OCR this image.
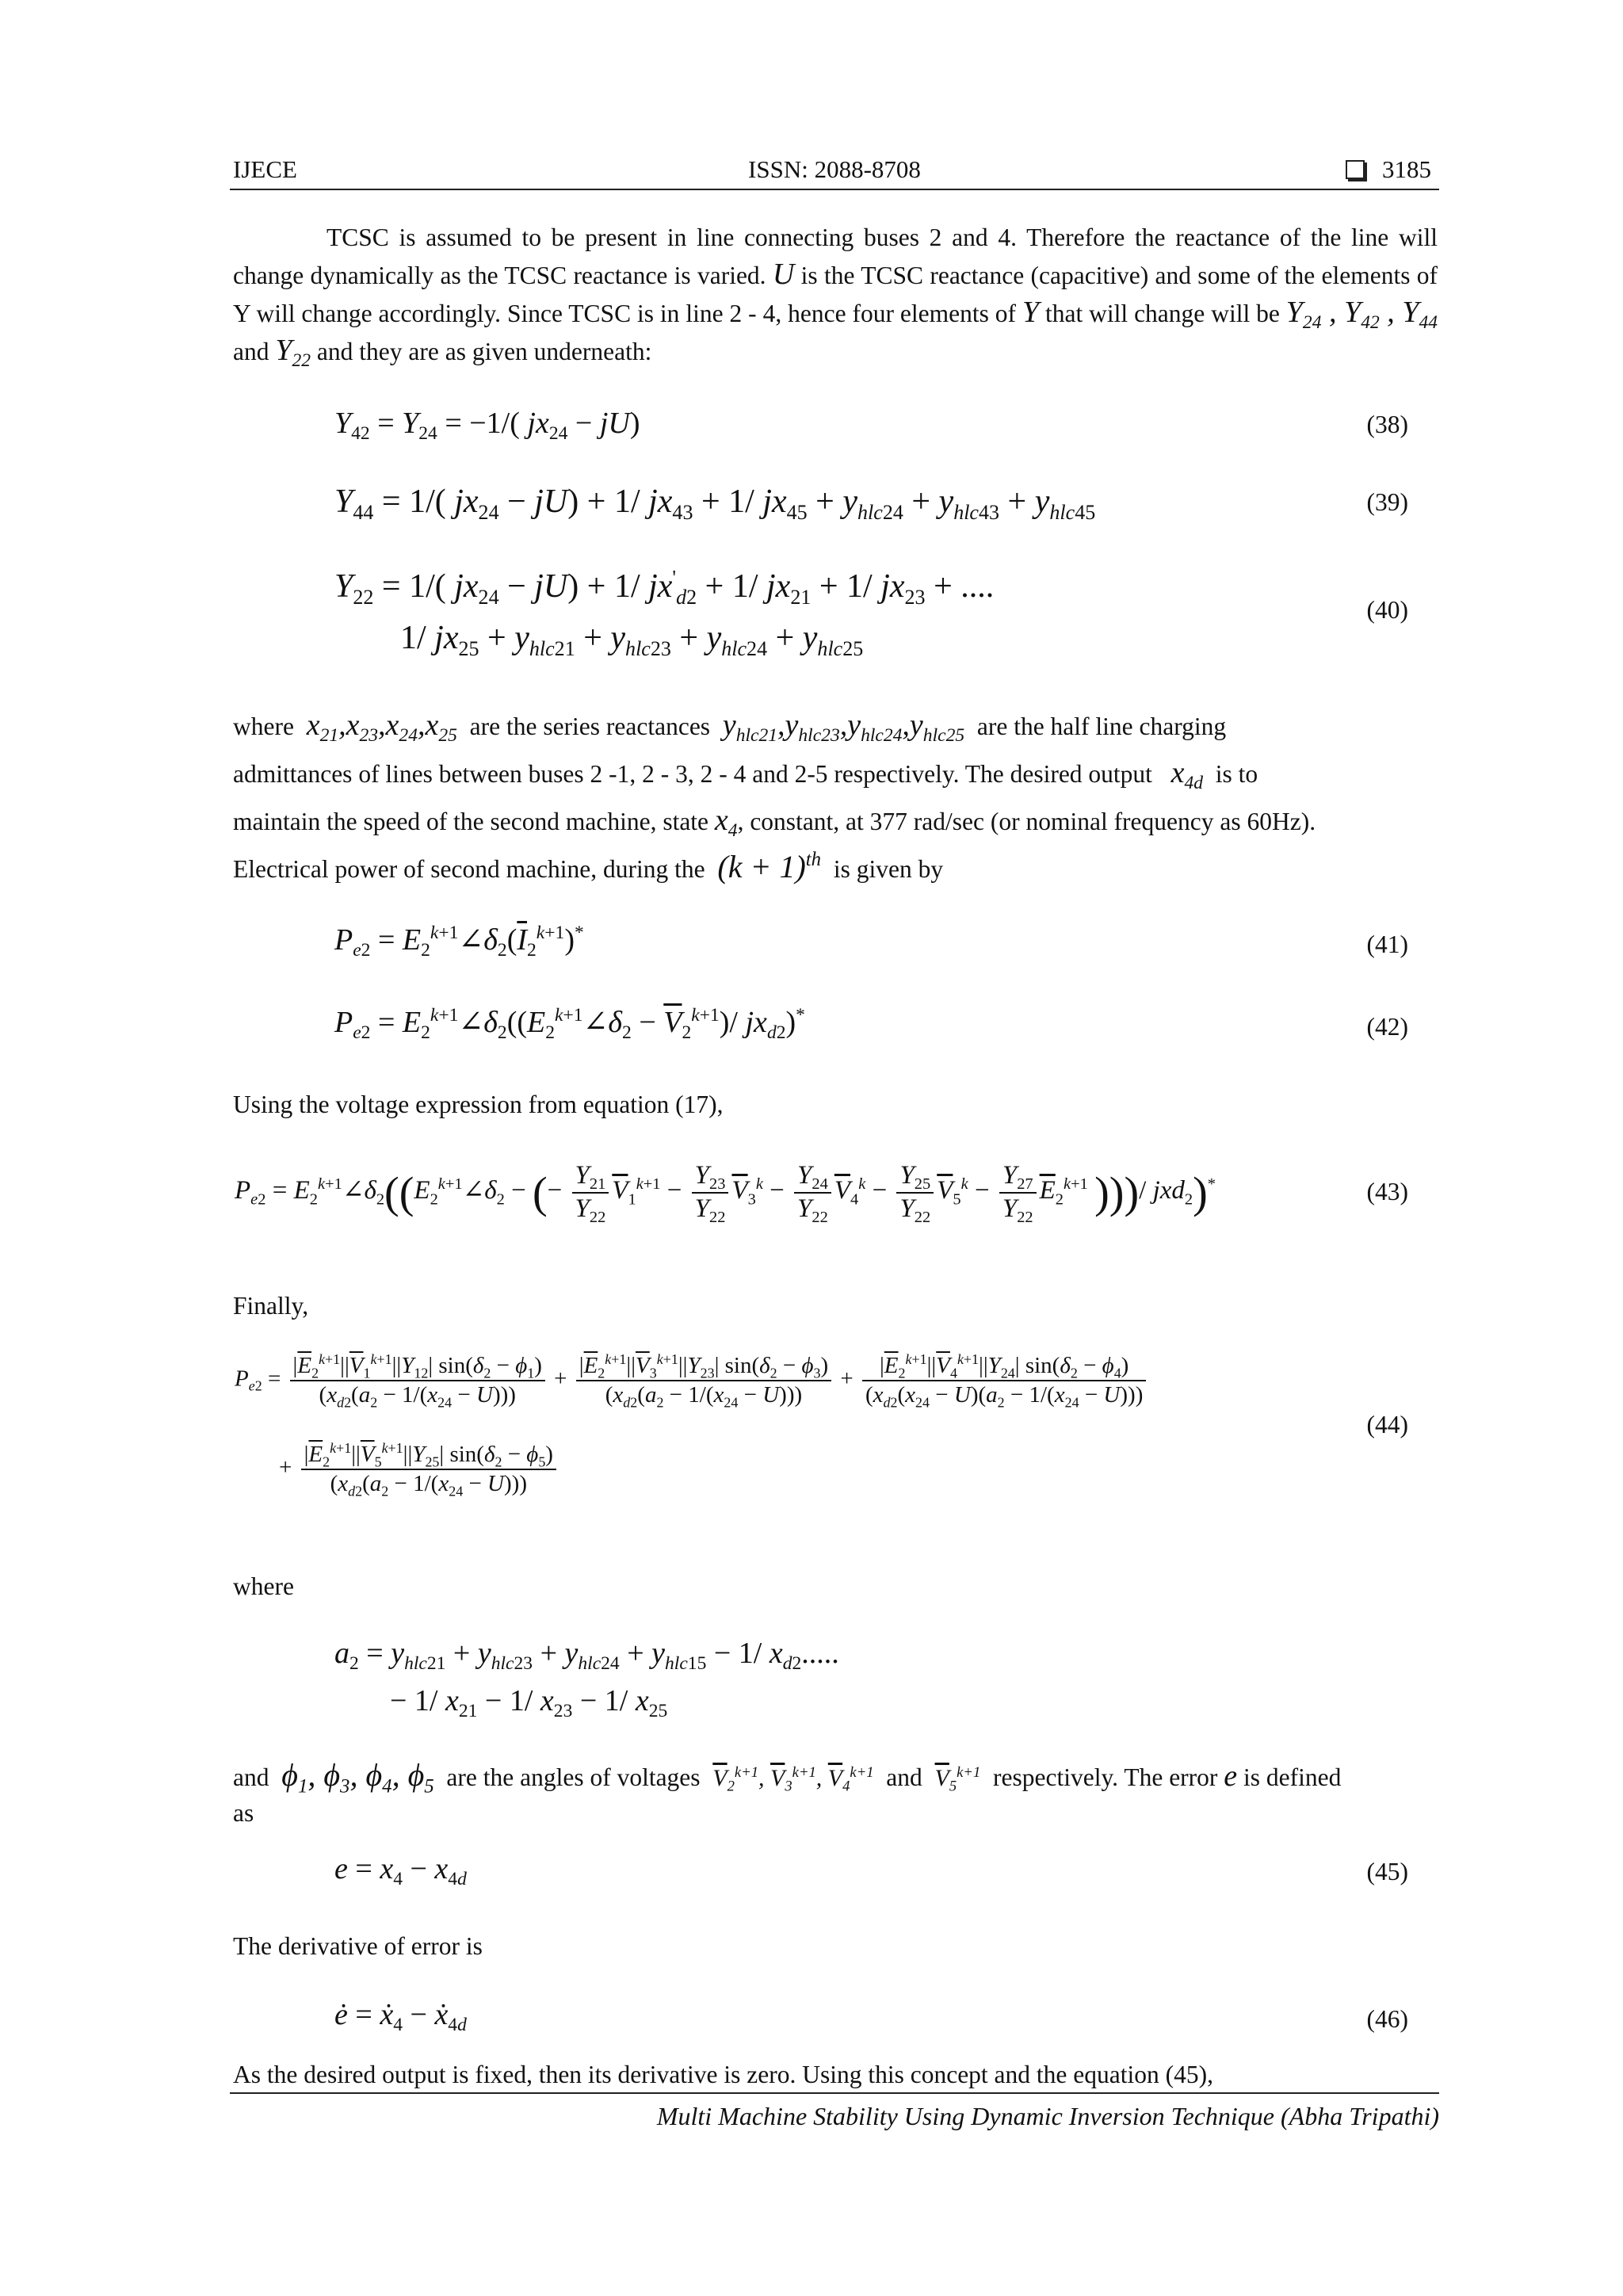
IJECE	ISSN: 2088-8708	3185
TCSC is assumed to be present in line connecting buses 2 and 4. Therefore the reactance of the line will change dynamically as the TCSC reactance is varied. U is the TCSC reactance (capacitive) and some of the elements of Y will change accordingly. Since TCSC is in line 2 - 4, hence four elements of Y that will change will be $Y_{24}$ , $Y_{42}$ , $Y_{44}$ and $Y_{22}$ and they are as given underneath:
$Y_{42} = Y_{24} = -1/$( $jx_{24} - jU$)	(38)
$Y_{44} = 1/$( $jx_{24} - jU) + 1/$ $jx_{43} + 1/$ $jx_{45} + y_{hlc24} + y_{hlc43} + y_{hlc45}$	(39)
$Y_{22} = 1/$( $jx_{24} - jU) + 1/$ $jx'_{d2} + 1/$ $jx_{21} + 1/$ $jx_{23}$ + ....
1/ $jx_{25} + y_{hlc21} + y_{hlc23} + y_{hlc24} + y_{hlc25}$
(40)
where $x_{21},x_{23},x_{24},x_{25}$ are the series reactances $y_{hlc21},y_{hlc23},y_{hlc24},y_{hlc25}$ are the half line charging
admittances of lines between buses 2 -1, 2 - 3, 2 - 4 and 2-5 respectively. The desired output $x_{4d}$ is to
maintain the speed of the second machine, state $x_4$, constant, at 377 rad/sec (or nominal frequency as 60Hz).
Electrical power of second machine, during the $(k + 1)^{th}$ is given by
$P_{e2}$ = $E_2^{k+1}\angle\delta_2(\overline{I}_2^{k+1})^*$	(41)
$P_{e2}$ = $E_2^{k+1}\angle\delta_2((E_2^{k+1}\angle\delta_2 - \overline{V}_2^{k+1})/$ $jx_{d2})^*$	(42)
Using the voltage expression from equation (17),
$P_{e2}$ = $E_2^{k+1}\angle\delta_2((E_2^{k+1}\angle\delta_2$ − (− $\frac{Y_{21}}{Y_{22}} \overline{V}_1^{k+1} - \frac{Y_{23}}{Y_{22}} \overline{V}_3^k - \frac{Y_{24}}{Y_{22}} \overline{V}_4^k - \frac{Y_{25}}{Y_{22}} \overline{V}_5^k - \frac{Y_{27}}{Y_{22}} \overline{E}_2^{k+1}$ )))/ jxd$_2$)*	(43)
Finally,
$P_{e2} = \frac{|\overline{E}_2^{k+1}||\overline{V}_1^{k+1}||Y_{12}| \sin(\delta_2 - \phi_1)}{(x_{d2}(a_2 - 1/(x_{24} - U)))} + \frac{|\overline{E}_2^{k+1}||\overline{V}_3^{k+1}||Y_{23}| \sin(\delta_2 - \phi_3)}{(x_{d2}(a_2 - 1/(x_{24} - U)))} + \frac{|\overline{E}_2^{k+1}||\overline{V}_4^{k+1}||Y_{24}| \sin(\delta_2 - \phi_4)}{(x_{d2}(x_{24} - U)(a_2 - 1/(x_{24} - U)))}$
+ $\frac{|\overline{E}_2^{k+1}||\overline{V}_5^{k+1}||Y_{25}| \sin(\delta_2 - \phi_5)}{(x_{d2}(a_2 - 1/(x_{24} - U)))}$
(44)
where
$a_2 = y_{hlc21} + y_{hlc23} + y_{hlc24} + y_{hlc15} - 1/$ $x_{d2}$.....
− 1/ $x_{21} - 1/$ $x_{23} - 1/$ $x_{25}$
and $\phi_1$, $\phi_3$, $\phi_4$, $\phi_5$ are the angles of voltages $\overline{V}_2^{k+1}$, $\overline{V}_3^{k+1}$, $\overline{V}_4^{k+1}$ and $\overline{V}_5^{k+1}$ respectively. The error e is defined
as
$e = x_4 - x_{4d}$	(45)
The derivative of error is
ė = ẋ$_4$ − ẋ$_{4d}$	(46)
As the desired output is fixed, then its derivative is zero. Using this concept and the equation (45),
Multi Machine Stability Using Dynamic Inversion Technique (Abha Tripathi)
